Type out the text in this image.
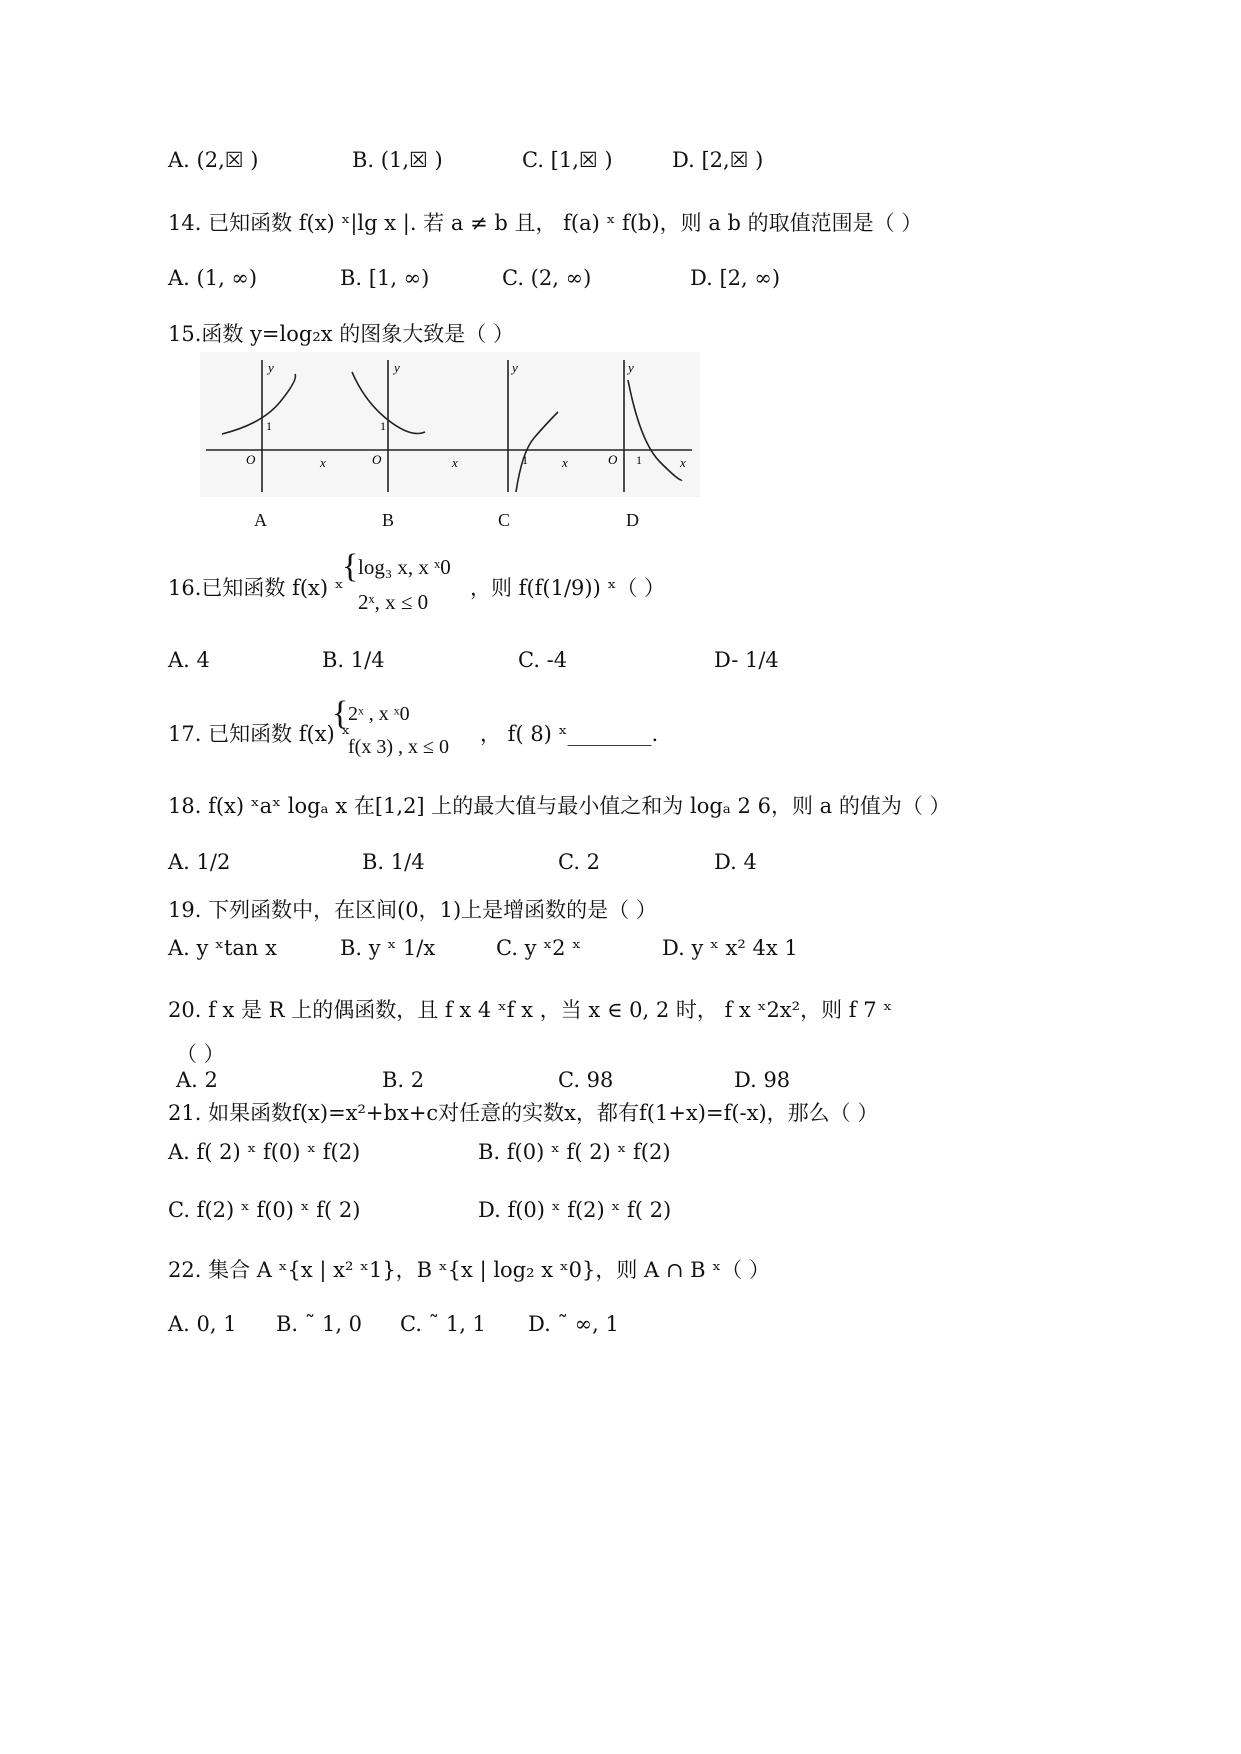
A. (2,☒ )	B. (1,☒ )	C. [1,☒ )	D. [2,☒ )
14. 已知函数 f(x) ˣ|lg x |. 若 a ≠ b 且， f(a) ˣ f(b)，则 a b 的取值范围是（ ）
A. (1, ∞)	B. [1, ∞)	C. (2, ∞)	D. [2, ∞)
15.函数 y=log₂x 的图象大致是（ ）
y
x
O
1
y
x
O
1
y
x
1
y
x
O 1
A	B	C	D
16.已知函数 f(x) ˣ
{ log₃ x, x ˣ0
2ˣ, x ≤ 0
，则 f(f(1/9)) ˣ（ ）
A. 4	B. 1/4	C. -4	D- 1/4
17. 已知函数 f(x) ˣ
{ 2ˣ , x ˣ0
f(x 3) , x ≤ 0
， f( 8) ˣ________.
18. f(x) ˣaˣ logₐ x 在[1,2] 上的最大值与最小值之和为 logₐ 2 6，则 a 的值为（ ）
A. 1/2	B. 1/4	C. 2	D. 4
19. 下列函数中，在区间(0，1)上是增函数的是（ ）
A. y ˣtan x	B. y ˣ 1/x	C. y ˣ2 ˣ	D. y ˣ x² 4x 1
20. f x 是 R 上的偶函数，且 f x 4 ˣf x ，当 x ∈ 0, 2 时， f x ˣ2x²，则 f 7 ˣ
（ ）
A. 2	B. 2	C. 98	D. 98
21. 如果函数f(x)=x²+bx+c对任意的实数x，都有f(1+x)=f(-x)，那么（ ）
A. f( 2) ˣ f(0) ˣ f(2)	B. f(0) ˣ f( 2) ˣ f(2)
C. f(2) ˣ f(0) ˣ f( 2)	D. f(0) ˣ f(2) ˣ f( 2)
22. 集合 A ˣ{x | x² ˣ1}，B ˣ{x | log₂ x ˣ0}，则 A ∩ B ˣ（ ）
A. 0, 1 B. ˜ 1, 0 C. ˜ 1, 1 D. ˜ ∞, 1
